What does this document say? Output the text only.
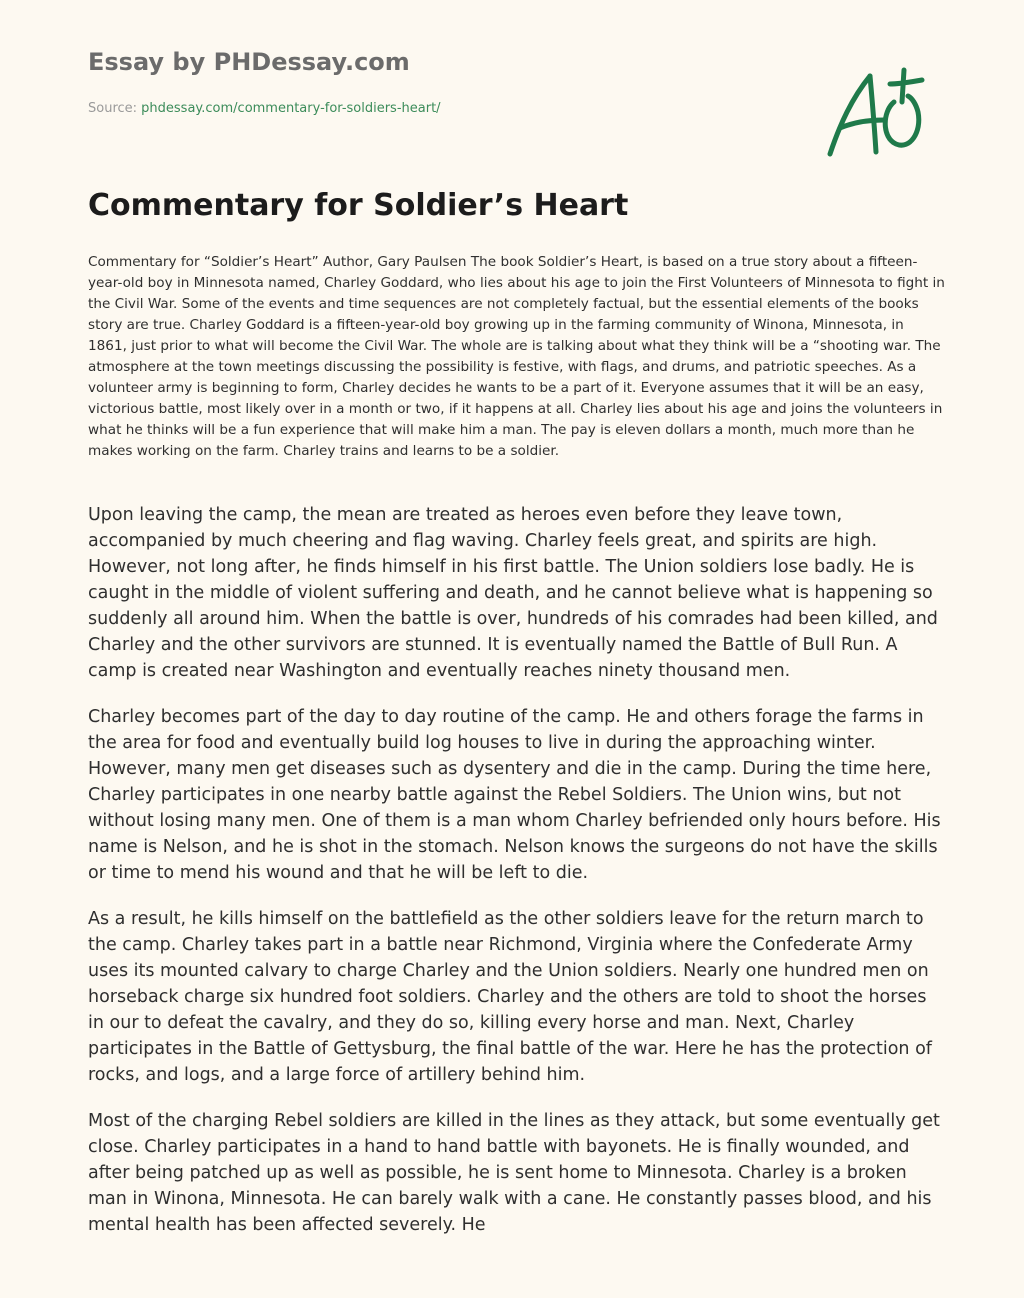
Essay by PHDessay.com
Source: phdessay.com/commentary-for-soldiers-heart/
Commentary for Soldier’s Heart

Commentary for “Soldier’s Heart” Author, Gary Paulsen The book Soldier’s Heart, is based on a true story about a fifteen-year-old boy in Minnesota named, Charley Goddard, who lies about his age to join the First Volunteers of Minnesota to fight in the Civil War. Some of the events and time sequences are not completely factual, but the essential elements of the books story are true. Charley Goddard is a fifteen-year-old boy growing up in the farming community of Winona, Minnesota, in 1861, just prior to what will become the Civil War. The whole are is talking about what they think will be a “shooting war. The atmosphere at the town meetings discussing the possibility is festive, with flags, and drums, and patriotic speeches. As a volunteer army is beginning to form, Charley decides he wants to be a part of it. Everyone assumes that it will be an easy, victorious battle, most likely over in a month or two, if it happens at all. Charley lies about his age and joins the volunteers in what he thinks will be a fun experience that will make him a man. The pay is eleven dollars a month, much more than he makes working on the farm. Charley trains and learns to be a soldier.

Upon leaving the camp, the mean are treated as heroes even before they leave town, accompanied by much cheering and flag waving. Charley feels great, and spirits are high. However, not long after, he finds himself in his first battle. The Union soldiers lose badly. He is caught in the middle of violent suffering and death, and he cannot believe what is happening so suddenly all around him. When the battle is over, hundreds of his comrades had been killed, and Charley and the other survivors are stunned. It is eventually named the Battle of Bull Run. A camp is created near Washington and eventually reaches ninety thousand men.

Charley becomes part of the day to day routine of the camp. He and others forage the farms in the area for food and eventually build log houses to live in during the approaching winter. However, many men get diseases such as dysentery and die in the camp. During the time here, Charley participates in one nearby battle against the Rebel Soldiers. The Union wins, but not without losing many men. One of them is a man whom Charley befriended only hours before. His name is Nelson, and he is shot in the stomach. Nelson knows the surgeons do not have the skills or time to mend his wound and that he will be left to die.

As a result, he kills himself on the battlefield as the other soldiers leave for the return march to the camp. Charley takes part in a battle near Richmond, Virginia where the Confederate Army uses its mounted calvary to charge Charley and the Union soldiers. Nearly one hundred men on horseback charge six hundred foot soldiers. Charley and the others are told to shoot the horses in our to defeat the cavalry, and they do so, killing every horse and man. Next, Charley participates in the Battle of Gettysburg, the final battle of the war. Here he has the protection of rocks, and logs, and a large force of artillery behind him.

Most of the charging Rebel soldiers are killed in the lines as they attack, but some eventually get close. Charley participates in a hand to hand battle with bayonets. He is finally wounded, and after being patched up as well as possible, he is sent home to Minnesota. Charley is a broken man in Winona, Minnesota. He can barely walk with a cane. He constantly passes blood, and his mental health has been affected severely. He
